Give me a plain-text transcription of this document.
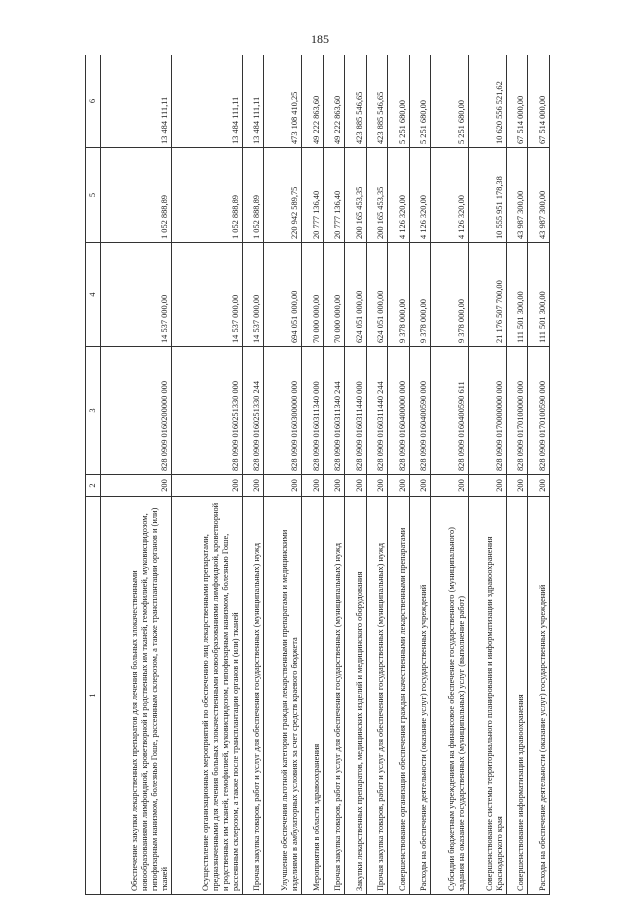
185
1	2	3	4	5	6
Обеспечение закупки лекарственных препаратов для лечения больных злокачественными новообразованиями лимфоидной, кроветворной и родственных им тканей, гемофилией, муковисцидозом, гипофизарным нанизмом, болезнью Гоше, рассеянным склерозом, а также трансплантации органов и (или) тканей	200	828 0909 0160200000 000	14 537 000,00	1 052 888,89	13 484 111,11
Осуществление организационных мероприятий по обеспечению лиц лекарственными препаратами, предназначенными для лечения больных злокачественными новообразованиями лимфоидной, кроветворной и родственных им тканей, гемофилией, муковисцидозом, гипофизарным нанизмом, болезнью Гоше, рассеянным склерозом, а также после трансплантации органов и (или) тканей	200	828 0909 0160251330 000	14 537 000,00	1 052 888,89	13 484 111,11
Прочая закупка товаров, работ и услуг для обеспечения государственных (муниципальных) нужд	200	828 0909 0160251330 244	14 537 000,00	1 052 888,89	13 484 111,11
Улучшение обеспечения льготной категории граждан лекарственными препаратами и медицинскими изделиями в амбулаторных условиях за счет средств краевого бюджета	200	828 0909 0160300000 000	694 051 000,00	220 942 589,75	473 108 410,25
Мероприятия в области здравоохранения	200	828 0909 0160311340 000	70 000 000,00	20 777 136,40	49 222 863,60
Прочая закупка товаров, работ и услуг для обеспечения государственных (муниципальных) нужд	200	828 0909 0160311340 244	70 000 000,00	20 777 136,40	49 222 863,60
Закупки лекарственных препаратов, медицинских изделий и медицинского оборудования	200	828 0909 0160311440 000	624 051 000,00	200 165 453,35	423 885 546,65
Прочая закупка товаров, работ и услуг для обеспечения государственных (муниципальных) нужд	200	828 0909 0160311440 244	624 051 000,00	200 165 453,35	423 885 546,65
Совершенствование организации обеспечения граждан качественными лекарственными препаратами	200	828 0909 0160400000 000	9 378 000,00	4 126 320,00	5 251 680,00
Расходы на обеспечение деятельности (оказание услуг) государственных учреждений	200	828 0909 0160400590 000	9 378 000,00	4 126 320,00	5 251 680,00
Субсидии бюджетным учреждениям на финансовое обеспечение государственного (муниципального) задания на оказание государственных (муниципальных) услуг (выполнение работ)	200	828 0909 0160400590 611	9 378 000,00	4 126 320,00	5 251 680,00
Совершенствование системы территориального планирования и информатизации здравоохранения Краснодарского края	200	828 0909 0170000000 000	21 176 507 700,00	10 555 951 178,38	10 620 556 521,62
Совершенствование информатизации здравоохранения	200	828 0909 0170100000 000	111 501 300,00	43 987 300,00	67 514 000,00
Расходы на обеспечение деятельности (оказание услуг) государственных учреждений	200	828 0909 0170100590 000	111 501 300,00	43 987 300,00	67 514 000,00
